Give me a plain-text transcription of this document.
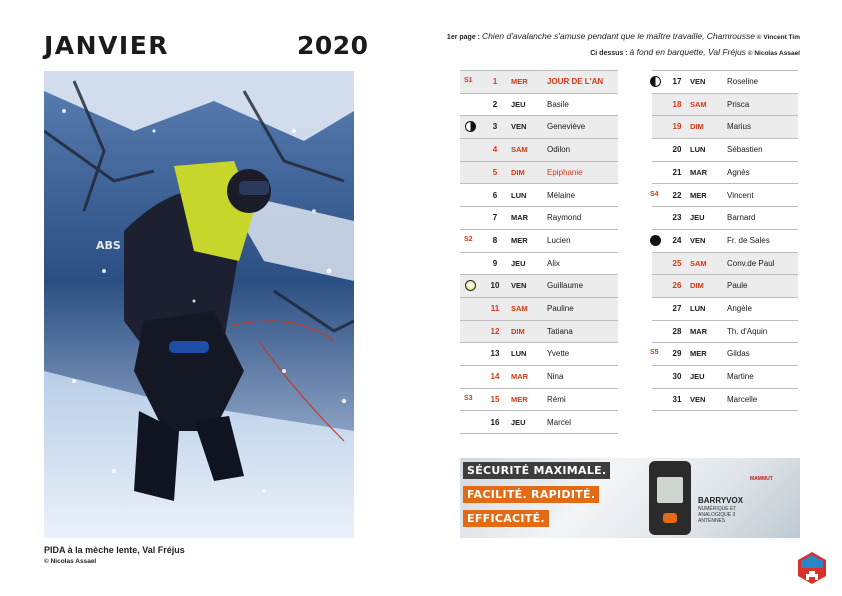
JANVIER	2020	1er page : Chien d'avalanche s'amuse pendant que le maître travaille, Chamrousse © Vincent Tim
Ci dessus : à fond en barquette, Val Fréjus © Nicolas Assael
ABS
PIDA à la mèche lente, Val Fréjus
© Nicolas Assael
S1	1	MER JOUR DE L'AN
2	JEU	Basile
3	VEN	Geneviève
4	SAM Odilon
5	DIM	Epiphanie
6	LUN	Mélaine
7	MAR Raymond
S2	8	MER Lucien
9	JEU	Alix
10	VEN	Guillaume
11	SAM Pauline
12	DIM	Tatiana
13	LUN	Yvette
14	MAR Nina
S3	15	MER Rémi
16	JEU	Marcel
17	VEN	Roseline
18	SAM	Prisca
19	DIM	Marius
20	LUN	Sébastien
21	MAR Agnès
S4	22	MER	Vincent
23	JEU	Barnard
24	VEN	Fr. de Sales
25	SAM	Conv.de Paul
26	DIM	Paule
27	LUN	Angèle
28	MAR Th. d'Aquin
S5	29	MER	Gildas
30	JEU	Martine
31	VEN	Marcelle
SÉCURITÉ MAXIMALE.
FACILITÉ. RAPIDITÉ.
EFFICACITÉ.
BARRYVOX
NUMÉRIQUE ET ANALOGIQUE 3 ANTENNES
MAMMUT
